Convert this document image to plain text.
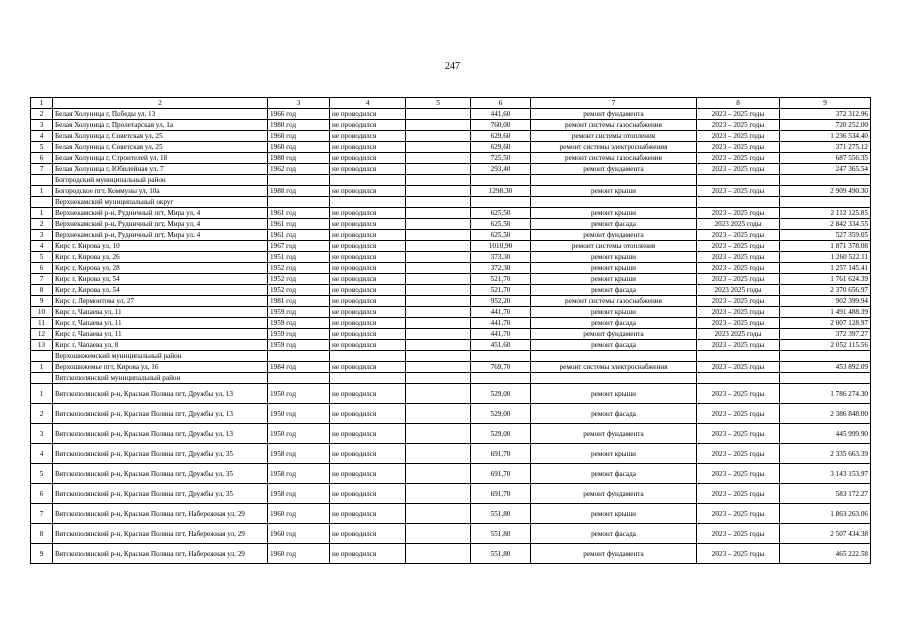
247
1	2	3	4	5	6	7	8	9
2	Белая Холуница г, Победы ул, 13	1966 год	не проводился		441,60	ремонт фундамента	2023 – 2025 годы	372 312.96
3	Белая Холуница г, Пролетарская ул, 1а	1980 год	не проводился		760,00	ремонт системы газоснабжения	2023 – 2025 годы	720 252.00
4	Белая Холуница г, Советская ул, 25	1960 год	не проводился		629,60	ремонт системы отопления	2023 – 2025 годы	1 236 534.40
5	Белая Холуница г, Советская ул, 25	1960 год	не проводился		629,60	ремонт системы электроснабжения	2023 – 2025 годы	371 275.12
6	Белая Холуница г, Строителей ул, 18	1980 год	не проводился		725,50	ремонт системы газоснабжения	2023 – 2025 годы	687 556.35
7	Белая Холуница г, Юбилейная ул, 7	1962 год	не проводился		293,40	ремонт фундамента	2023 – 2025 годы	247 365.54
	Богородский муниципальный район							
1	Богородское пгт, Коммуны ул, 10а	1988 год	не проводился		1298,30	ремонт крыши	2023 – 2025 годы	2 909 490.30
	Верхнекамский муниципальный округ							
1	Верхнекамский р-н, Рудничный пгт, Мира ул, 4	1961 год	не проводился		625,50	ремонт крыши	2023 – 2025 годы	2 112 125.85
2	Верхнекамский р-н, Рудничный пгт, Мира ул, 4	1961 год	не проводился		625,50	ремонт фасада	2023 2025 годы	2 842 334.55
3	Верхнекамский р-н, Рудничный пгт, Мира ул, 4	1961 год	не проводился		625,50	ремонт фундамента	2023 – 2025 годы	527 359.05
4	Кирс г, Кирова ул, 10	1967 год	не проводился		1010,90	ремонт системы отопления	2023 – 2025 годы	1 871 378.08
5	Кирс г, Кирова ул, 26	1951 год	не проводился		373,30	ремонт крыши	2023 – 2025 годы	1 260 522.11
6	Кирс г, Кирова ул, 28	1952 год	не проводился		372,30	ремонт крыши	2023 – 2025 годы	1 257 145.41
7	Кирс г, Кирова ул, 54	1952 год	не проводился		521,70	ремонт крыши	2023 – 2025 годы	1 761 624.39
8	Кирс г, Кирова ул, 54	1952 год	не проводился		521,70	ремонт фасада	2023 2025 годы	2 370 656.97
9	Кирс г, Лермонтова ул, 27	1981 год	не проводился		952,20	ремонт системы газоснабжения	2023 – 2025 годы	902 399.94
10	Кирс г, Чапаева ул, 11	1959 год	не проводился		441,70	ремонт крыши	2023 – 2025 годы	1 491 488.39
11	Кирс г, Чапаева ул, 11	1959 год	не проводился		441,70	ремонт фасада	2023 – 2025 годы	2 007 128.97
12	Кирс г, Чапаева ул, 11	1959 год	не проводился		441,70	ремонт фундамента	2023 2025 годы	372 397.27
13	Кирс г, Чапаева ул, 8	1959 год	не проводился		451,60	ремонт фасада	2023 – 2025 годы	2 052 115.56
	Верхошижемский муниципальный район							
1	Верхошижемье пгт, Кирова ул, 16	1984 год	не проводился		769,70	ремонт системы электроснабжения	2023 – 2025 годы	453 892.09
	Вятскополянский муниципальный район							
1	Вятскополянский р-н, Красная Поляна пгт, Дружбы ул, 13	1950 год	не проводился		529,00	ремонт крыши	2023 – 2025 годы	1 786 274.30
2	Вятскополянский р-н, Красная Поляна пгт, Дружбы ул, 13	1950 год	не проводился		529,00	ремонт фасада	2023 – 2025 годы	2 386 848.00
3	Вятскополянский р-н, Красная Поляна пгт, Дружбы ул, 13	1950 год	не проводился		529,00	ремонт фундамента	2023 – 2025 годы	445 999.90
4	Вятскополянский р-н, Красная Поляна пгт, Дружбы ул, 35	1958 год	не проводился		691,70	ремонт крыши	2023 – 2025 годы	2 335 663.39
5	Вятскополянский р-н, Красная Поляна пгт, Дружбы ул, 35	1958 год	не проводился		691,70	ремонт фасада	2023 – 2025 годы	3 143 153.97
6	Вятскополянский р-н, Красная Поляна пгт, Дружбы ул, 35	1958 год	не проводился		691,70	ремонт фундамента	2023 – 2025 годы	583 172.27
7	Вятскополянский р-н, Красная Поляна пгт, Набережная ул, 29	1960 год	не проводился		551,80	ремонт крыши	2023 – 2025 годы	1 863 263.06
8	Вятскополянский р-н, Красная Поляна пгт, Набережная ул, 29	1960 год	не проводился		551,80	ремонт фасада	2023 – 2025 годы	2 507 434.38
9	Вятскополянский р-н, Красная Поляна пгт, Набережная ул, 29	1960 год	не проводился		551,80	ремонт фундамента	2023 – 2025 годы	465 222.58
